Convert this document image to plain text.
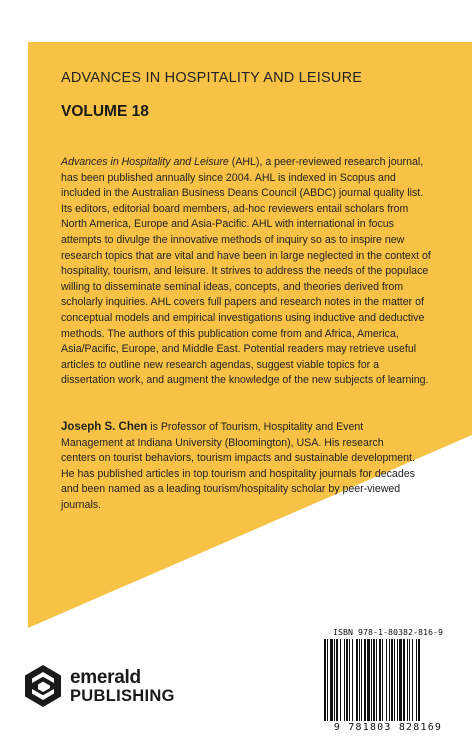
ADVANCES IN HOSPITALITY AND LEISURE
VOLUME 18

Advances in Hospitality and Leisure (AHL), a peer-reviewed research journal, has been published annually since 2004. AHL is indexed in Scopus and included in the Australian Business Deans Council (ABDC) journal quality list. Its editors, editorial board members, ad-hoc reviewers entail scholars from North America, Europe and Asia-Pacific. AHL with international in focus attempts to divulge the innovative methods of inquiry so as to inspire new research topics that are vital and have been in large neglected in the context of hospitality, tourism, and leisure. It strives to address the needs of the populace willing to disseminate seminal ideas, concepts, and theories derived from scholarly inquiries. AHL covers full papers and research notes in the matter of conceptual models and empirical investigations using inductive and deductive methods. The authors of this publication come from and Africa, America, Asia/Pacific, Europe, and Middle East. Potential readers may retrieve useful articles to outline new research agendas, suggest viable topics for a dissertation work, and augment the knowledge of the new subjects of learning.

Joseph S. Chen is Professor of Tourism, Hospitality and Event Management at Indiana University (Bloomington), USA. His research centers on tourist behaviors, tourism impacts and sustainable development. He has published articles in top tourism and hospitality journals for decades and been named as a leading tourism/hospitality scholar by peer-viewed journals.

emerald
PUBLISHING
ISBN 978-1-80382-816-9
9 781803 828169
